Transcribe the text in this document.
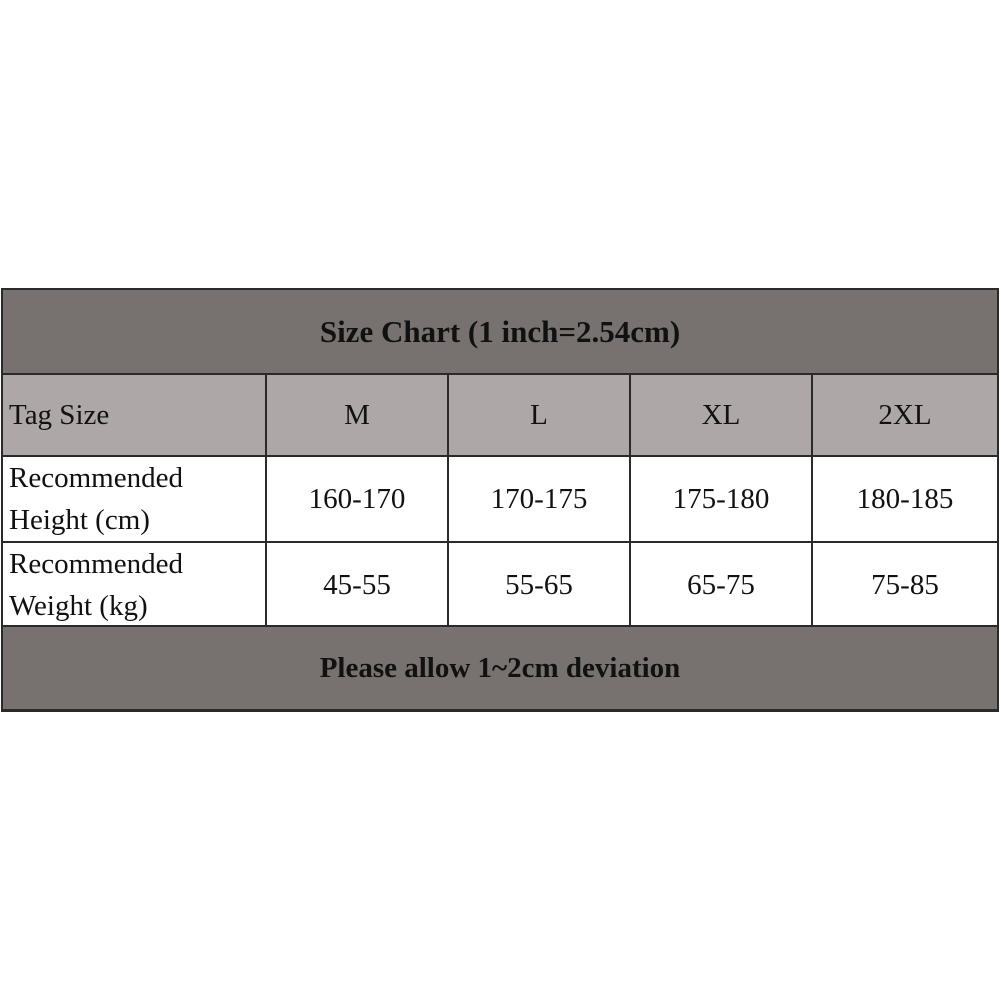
Size Chart (1 inch=2.54cm)
Tag Size	M	L	XL	2XL
Recommended Height (cm)	160-170	170-175	175-180	180-185
Recommended Weight (kg)	45-55	55-65	65-75	75-85
Please allow 1~2cm deviation
